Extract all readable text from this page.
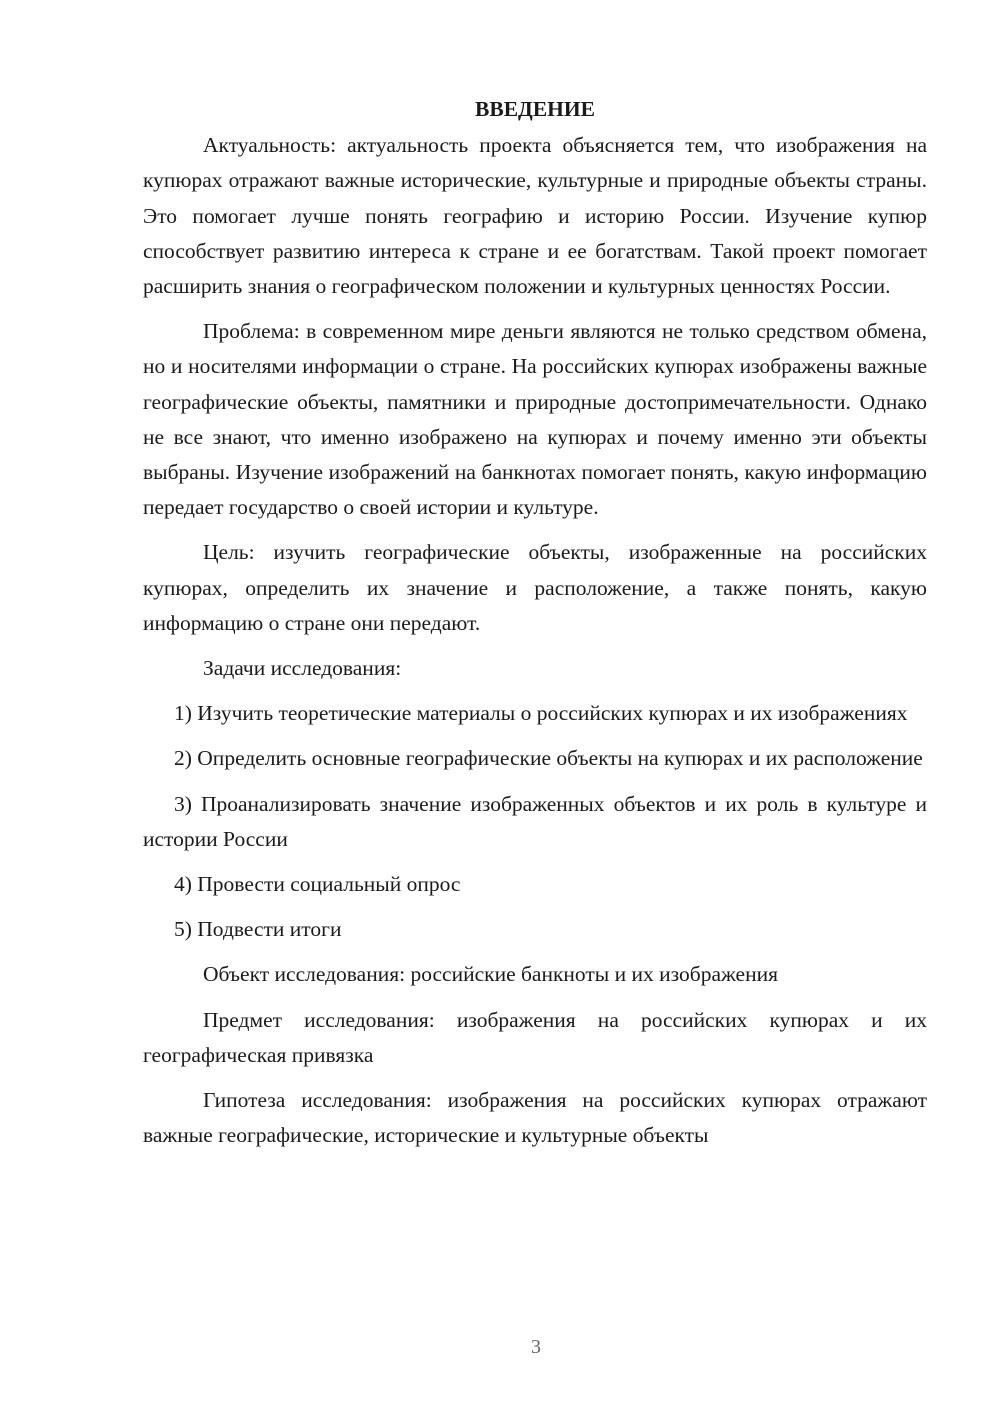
ВВЕДЕНИЕ

Актуальность: актуальность проекта объясняется тем, что изображения на купюрах отражают важные исторические, культурные и природные объекты страны. Это помогает лучше понять географию и историю России. Изучение купюр способствует развитию интереса к стране и ее богатствам. Такой проект помогает расширить знания о географическом положении и культурных ценностях России.

Проблема: в современном мире деньги являются не только средством обмена, но и носителями информации о стране. На российских купюрах изображены важные географические объекты, памятники и природные достопримечательности. Однако не все знают, что именно изображено на купюрах и почему именно эти объекты выбраны. Изучение изображений на банкнотах помогает понять, какую информацию передает государство о своей истории и культуре.

Цель: изучить географические объекты, изображенные на российских купюрах, определить их значение и расположение, а также понять, какую информацию о стране они передают.

Задачи исследования:

1) Изучить теоретические материалы о российских купюрах и их изображениях

2) Определить основные географические объекты на купюрах и их расположение

3) Проанализировать значение изображенных объектов и их роль в культуре и истории России

4) Провести социальный опрос

5) Подвести итоги

Объект исследования: российские банкноты и их изображения

Предмет исследования: изображения на российских купюрах и их географическая привязка

Гипотеза исследования: изображения на российских купюрах отражают важные географические, исторические и культурные объекты

3
